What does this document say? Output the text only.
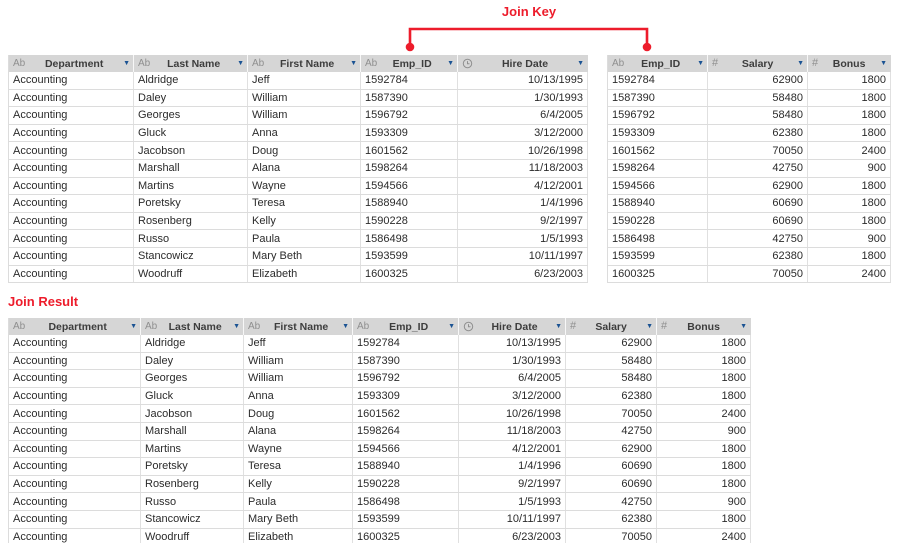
Join Key
Ab	Department	▼ Ab	Last Name	▼ Ab	First Name	▼ Ab	Emp_ID	▼	Hire Date	▼
Accounting	Aldridge	Jeff	1592784	10/13/1995
Accounting	Daley	William	1587390	1/30/1993
Accounting	Georges	William	1596792	6/4/2005
Accounting	Gluck	Anna	1593309	3/12/2000
Accounting	Jacobson	Doug	1601562	10/26/1998
Accounting	Marshall	Alana	1598264	11/18/2003
Accounting	Martins	Wayne	1594566	4/12/2001
Accounting	Poretsky	Teresa	1588940	1/4/1996
Accounting	Rosenberg	Kelly	1590228	9/2/1997
Accounting	Russo	Paula	1586498	1/5/1993
Accounting	Stancowicz	Mary Beth	1593599	10/11/1997
Accounting	Woodruff	Elizabeth	1600325	6/23/2003
Ab	Emp_ID	▼ #	Salary	▼ #	Bonus	▼
1592784	62900	1800
1587390	58480	1800
1596792	58480	1800
1593309	62380	1800
1601562	70050	2400
1598264	42750	900
1594566	62900	1800
1588940	60690	1800
1590228	60690	1800
1586498	42750	900
1593599	62380	1800
1600325	70050	2400
Join Result
Ab	Department	▼ Ab	Last Name	▼ Ab	First Name	▼ Ab	Emp_ID	▼	Hire Date	▼ #	Salary	▼ #	Bonus	▼
Accounting	Aldridge	Jeff	1592784	10/13/1995	62900	1800
Accounting	Daley	William	1587390	1/30/1993	58480	1800
Accounting	Georges	William	1596792	6/4/2005	58480	1800
Accounting	Gluck	Anna	1593309	3/12/2000	62380	1800
Accounting	Jacobson	Doug	1601562	10/26/1998	70050	2400
Accounting	Marshall	Alana	1598264	11/18/2003	42750	900
Accounting	Martins	Wayne	1594566	4/12/2001	62900	1800
Accounting	Poretsky	Teresa	1588940	1/4/1996	60690	1800
Accounting	Rosenberg	Kelly	1590228	9/2/1997	60690	1800
Accounting	Russo	Paula	1586498	1/5/1993	42750	900
Accounting	Stancowicz	Mary Beth	1593599	10/11/1997	62380	1800
Accounting	Woodruff	Elizabeth	1600325	6/23/2003	70050	2400
